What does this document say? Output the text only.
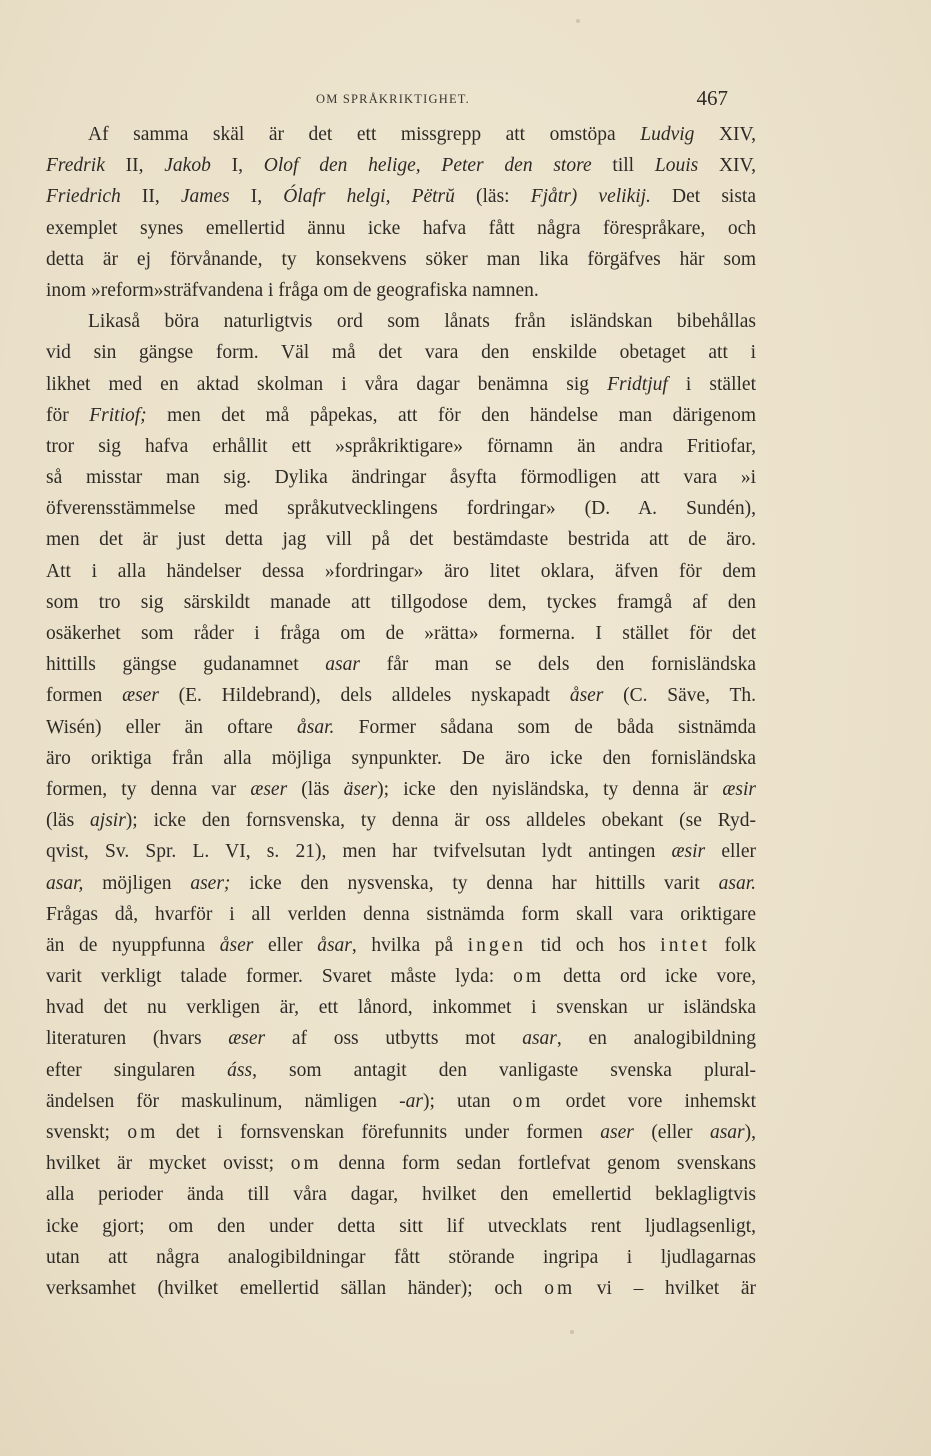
OM SPRÅKRIKTIGHET.	467
Af samma skäl är det ett missgrepp att omstöpa Ludvig XIV,
Fredrik II, Jakob I, Olof den helige, Peter den store till Louis XIV,
Friedrich II, James I, Ólafr helgi, Pëtrŭ (läs: Fjåtr) velikij. Det sista
exemplet synes emellertid ännu icke hafva fått några förespråkare, och
detta är ej förvånande, ty konsekvens söker man lika förgäfves här som
inom »reform»sträfvandena i fråga om de geografiska namnen.
Likaså böra naturligtvis ord som lånats från isländskan bibehållas
vid sin gängse form. Väl må det vara den enskilde obetaget att i
likhet med en aktad skolman i våra dagar benämna sig Fridtjuf i stället
för Fritiof; men det må påpekas, att för den händelse man därigenom
tror sig hafva erhållit ett »språkriktigare» förnamn än andra Fritiofar,
så misstar man sig. Dylika ändringar åsyfta förmodligen att vara »i
öfverensstämmelse med språkutvecklingens fordringar» (D. A. Sundén),
men det är just detta jag vill på det bestämdaste bestrida att de äro.
Att i alla händelser dessa »fordringar» äro litet oklara, äfven för dem
som tro sig särskildt manade att tillgodose dem, tyckes framgå af den
osäkerhet som råder i fråga om de »rätta» formerna. I stället för det
hittills gängse gudanamnet asar får man se dels den fornisländska
formen æser (E. Hildebrand), dels alldeles nyskapadt åser (C. Säve, Th.
Wisén) eller än oftare åsar. Former sådana som de båda sistnämda
äro oriktiga från alla möjliga synpunkter. De äro icke den fornisländska
formen, ty denna var æser (läs äser); icke den nyisländska, ty denna är æsir
(läs ajsir); icke den fornsvenska, ty denna är oss alldeles obekant (se Ryd-
qvist, Sv. Spr. L. VI, s. 21), men har tvifvelsutan lydt antingen æsir eller
asar, möjligen aser; icke den nysvenska, ty denna har hittills varit asar.
Frågas då, hvarför i all verlden denna sistnämda form skall vara oriktigare
än de nyuppfunna åser eller åsar, hvilka på ingen tid och hos intet folk
varit verkligt talade former. Svaret måste lyda: om detta ord icke vore,
hvad det nu verkligen är, ett lånord, inkommet i svenskan ur isländska
literaturen (hvars æser af oss utbytts mot asar, en analogibildning
efter singularen áss, som antagit den vanligaste svenska plural-
ändelsen för maskulinum, nämligen -ar); utan om ordet vore inhemskt
svenskt; om det i fornsvenskan förefunnits under formen aser (eller asar),
hvilket är mycket ovisst; om denna form sedan fortlefvat genom svenskans
alla perioder ända till våra dagar, hvilket den emellertid beklagligtvis
icke gjort; om den under detta sitt lif utvecklats rent ljudlagsenligt,
utan att några analogibildningar fått störande ingripa i ljudlagarnas
verksamhet (hvilket emellertid sällan händer); och om vi – hvilket är
